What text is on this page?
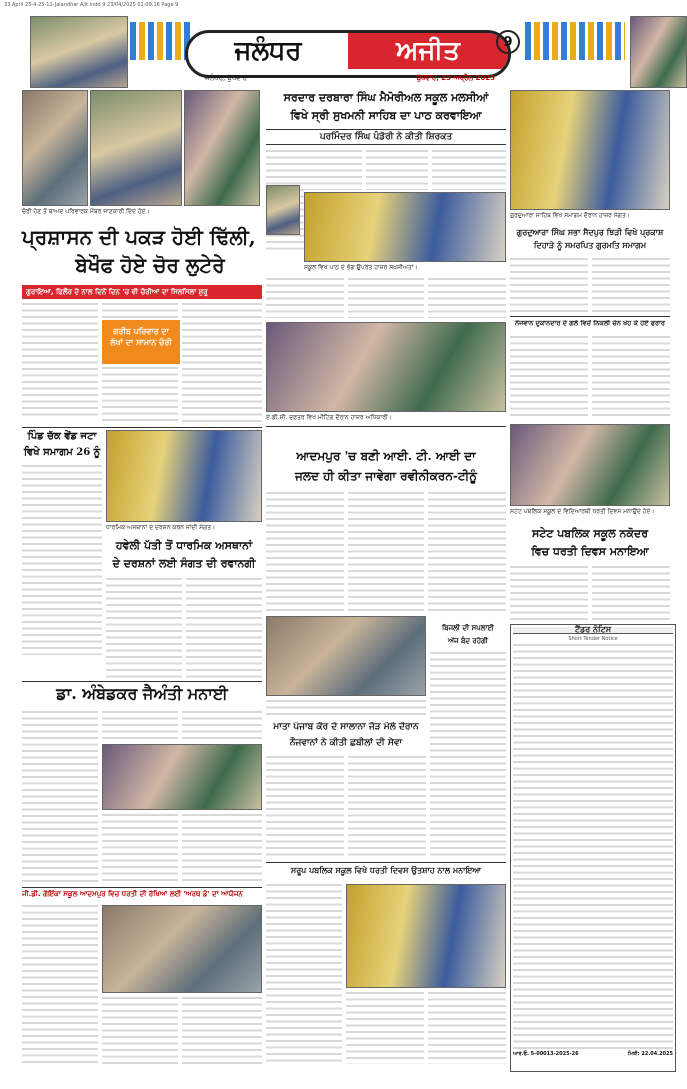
33 April 23-4-25-11-Jalandhar Ajit.indd 9 23/04/2025 01:09:16 Page 9
ਜਲੰਧਰ	ਅਜੀਤ
ਜਲੰਧਰ, ਬੁੱਧਵਾਰ	ਬੁੱਧਵਾਰ, 23 ਅਪ੍ਰੈਲ 2025
9
ਚੋਰੀ ਹੋਣ ਤੋਂ ਬਾਅਦ ਪਰਿਵਾਰਕ ਮੈਂਬਰ ਜਾਣਕਾਰੀ ਦਿੰਦੇ ਹੋਏ।
ਪ੍ਰਸ਼ਾਸਨ ਦੀ ਪਕੜ ਹੋਈ ਢਿੱਲੀ,
ਬੇਖੌਫ ਹੋਏ ਚੋਰ ਲੁਟੇਰੇ
ਗੁਰਾਇਆ, ਫਿਲੌਰ ਦੇ ਨਾਲ ਦਿਨੋਂ ਦਿਨ 'ਚ ਵੀ ਚੋਰੀਆਂ ਦਾ ਸਿਲਸਿਲਾ ਸ਼ੁਰੂ
ਗਰੀਬ ਪਰਿਵਾਰ ਦਾ ਲੱਖਾਂ ਦਾ ਸਾਮਾਨ ਚੋਰੀ
ਪਿੰਡ ਚੱਕ ਵੇਂਡ ਜਟਾ
ਵਿਖੇ ਸਮਾਗਮ 26 ਨੂੰ
ਧਾਰਮਿਕ ਅਸਥਾਨਾਂ ਦੇ ਦਰਸ਼ਨ ਕਰਨ ਜਾਂਦੀ ਸੰਗਤ।
ਹਵੇਲੀ ਪੱਤੀ ਤੋਂ ਧਾਰਮਿਕ ਅਸਥਾਨਾਂ
ਦੇ ਦਰਸ਼ਨਾਂ ਲਈ ਸੰਗਤ ਦੀ ਰਵਾਨਗੀ
ਡਾ. ਅੰਬੇਡਕਰ ਜੈਅੰਤੀ ਮਨਾਈ
ਜੀ.ਡੀ. ਗੋਇੰਕਾ ਸਕੂਲ ਆਦਮਪੁਰ ਵਿਚ ਧਰਤੀ ਦੀ ਰੱਖਿਆ ਲਈ 'ਅਰਥ ਡੇ' ਦਾ ਆਯੋਜਨ
ਸਰਦਾਰ ਦਰਬਾਰਾ ਸਿੰਘ ਮੈਮੋਰੀਅਲ ਸਕੂਲ ਮਲਸੀਆਂ
ਵਿਖੇ ਸ੍ਰੀ ਸੁਖਮਨੀ ਸਾਹਿਬ ਦਾ ਪਾਠ ਕਰਵਾਇਆ
ਪਰਮਿੰਦਰ ਸਿੰਘ ਪੰਡੋਰੀ ਨੇ ਕੀਤੀ ਸ਼ਿਰਕਤ
ਸਕੂਲ ਵਿਖੇ ਪਾਠ ਦੇ ਭੋਗ ਉਪਰੰਤ ਹਾਜ਼ਰ ਸ਼ਖ਼ਸੀਅਤਾਂ।
ਏ.ਡੀ.ਸੀ. ਦਫ਼ਤਰ ਵਿਖੇ ਮੀਟਿੰਗ ਦੌਰਾਨ ਹਾਜ਼ਰ ਅਧਿਕਾਰੀ।
ਆਦਮਪੁਰ 'ਚ ਬਣੀ ਆਈ. ਟੀ. ਆਈ ਦਾ
ਜਲਦ ਹੀ ਕੀਤਾ ਜਾਵੇਗਾ ਰਵੀਨੀਕਰਨ-ਟੀਨੂੰ
ਮਾਤਾ ਪੰਜਾਬ ਕੌਰ ਦੇ ਸਾਲਾਨਾ ਜੋੜ ਮੇਲੇ ਦੌਰਾਨ
ਨੌਜਵਾਨਾਂ ਨੇ ਕੀਤੀ ਛਬੀਲਾਂ ਦੀ ਸੇਵਾ
ਸਰੂਪ ਪਬਲਿਕ ਸਕੂਲ ਵਿਖੇ ਧਰਤੀ ਦਿਵਸ ਉਤਸ਼ਾਹ ਨਾਲ ਮਨਾਇਆ
ਗੁਰਦੁਆਰਾ ਸਾਹਿਬ ਵਿਖੇ ਸਮਾਗਮ ਦੌਰਾਨ ਹਾਜ਼ਰ ਸੰਗਤ।
ਗੁਰਦੁਆਰਾ ਸਿੰਘ ਸਭਾ ਸੈਦਪੁਰ ਝਿੜੀ ਵਿਖੇ ਪ੍ਰਕਾਸ਼ ਦਿਹਾੜੇ ਨੂੰ ਸਮਰਪਿਤ ਗੁਰਮਤਿ ਸਮਾਗਮ
ਨੌਜਵਾਨ ਦੁਕਾਨਦਾਰ ਦੇ ਗਲੇ ਵਿਚੋਂ ਨਿਕਲੀ ਚੇਨ ਖੋਹ ਕੇ ਹੋਏ ਫਰਾਰ
ਸਟੇਟ ਪਬਲਿਕ ਸਕੂਲ ਦੇ ਵਿਦਿਆਰਥੀ ਧਰਤੀ ਦਿਵਸ ਮਨਾਉਂਦੇ ਹੋਏ।
ਸਟੇਟ ਪਬਲਿਕ ਸਕੂਲ ਨਕੋਦਰ
ਵਿਚ ਧਰਤੀ ਦਿਵਸ ਮਨਾਇਆ
ਬਿਜਲੀ ਦੀ ਸਪਲਾਈ
ਅੱਜ ਬੰਦ ਰਹੇਗੀ
ਟੈਂਡਰ ਨੋਟਿਸ
Short Tender Notice
ਆਰ.ਓ. 5-00013-2025-26	ਮਿਤੀ: 22.04.2025
